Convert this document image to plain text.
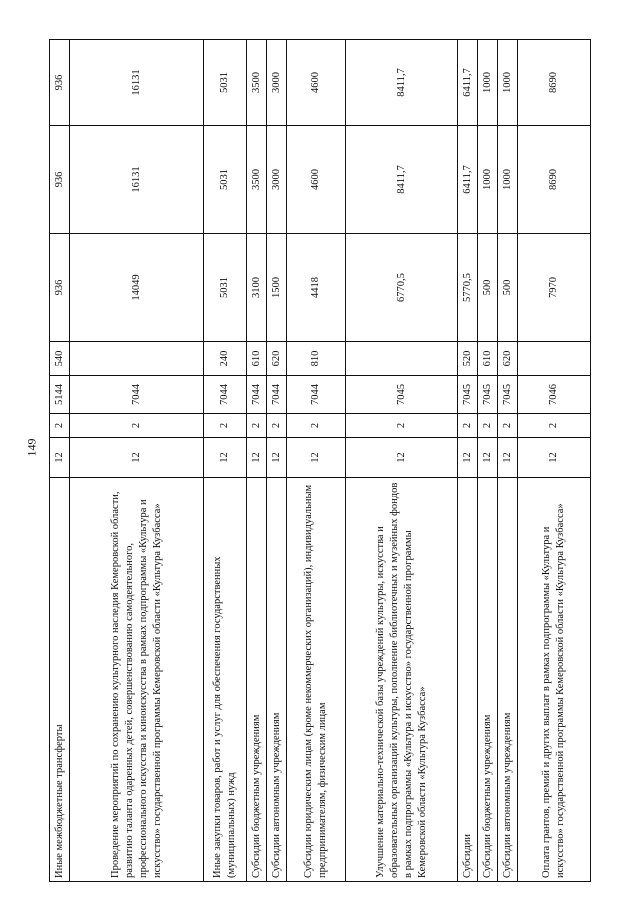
149
Иные межбюджетные трансферты	12	2	5144	540	936	936	936
Проведение мероприятий по сохранению культурного наследия Кемеровской области, развитию таланта одаренных детей, совершенствованию самодеятельного, профессионального искусства и киноискусства в рамках подпрограммы «Культура и искусство» государственной программы Кемеровской области «Культура Кузбасса»	12	2	7044		14049	16131	16131
Иные закупки товаров, работ и услуг для обеспечения государственных (муниципальных) нужд	12	2	7044	240	5031	5031	5031
Субсидии бюджетным учреждениям	12	2	7044	610	3100	3500	3500
Субсидии автономным учреждениям	12	2	7044	620	1500	3000	3000
Субсидии юридическим лицам (кроме некоммерческих организаций), индивидуальным предпринимателям, физическим лицам	12	2	7044	810	4418	4600	4600
Улучшение материально-технической базы учреждений культуры, искусства и образовательных организаций культуры, пополнение библиотечных и музейных фондов в рамках подпрограммы «Культура и искусство» государственной программы Кемеровской области «Культура Кузбасса»	12	2	7045		6770,5	8411,7	8411,7
Субсидии	12	2	7045	520	5770,5	6411,7	6411,7
Субсидии бюджетным учреждениям	12	2	7045	610	500	1000	1000
Субсидии автономным учреждениям	12	2	7045	620	500	1000	1000
Оплата грантов, премий и других выплат в рамках подпрограммы «Культура и искусство» государственной программы Кемеровской области «Культура Кузбасса»	12	2	7046		7970	8690	8690
